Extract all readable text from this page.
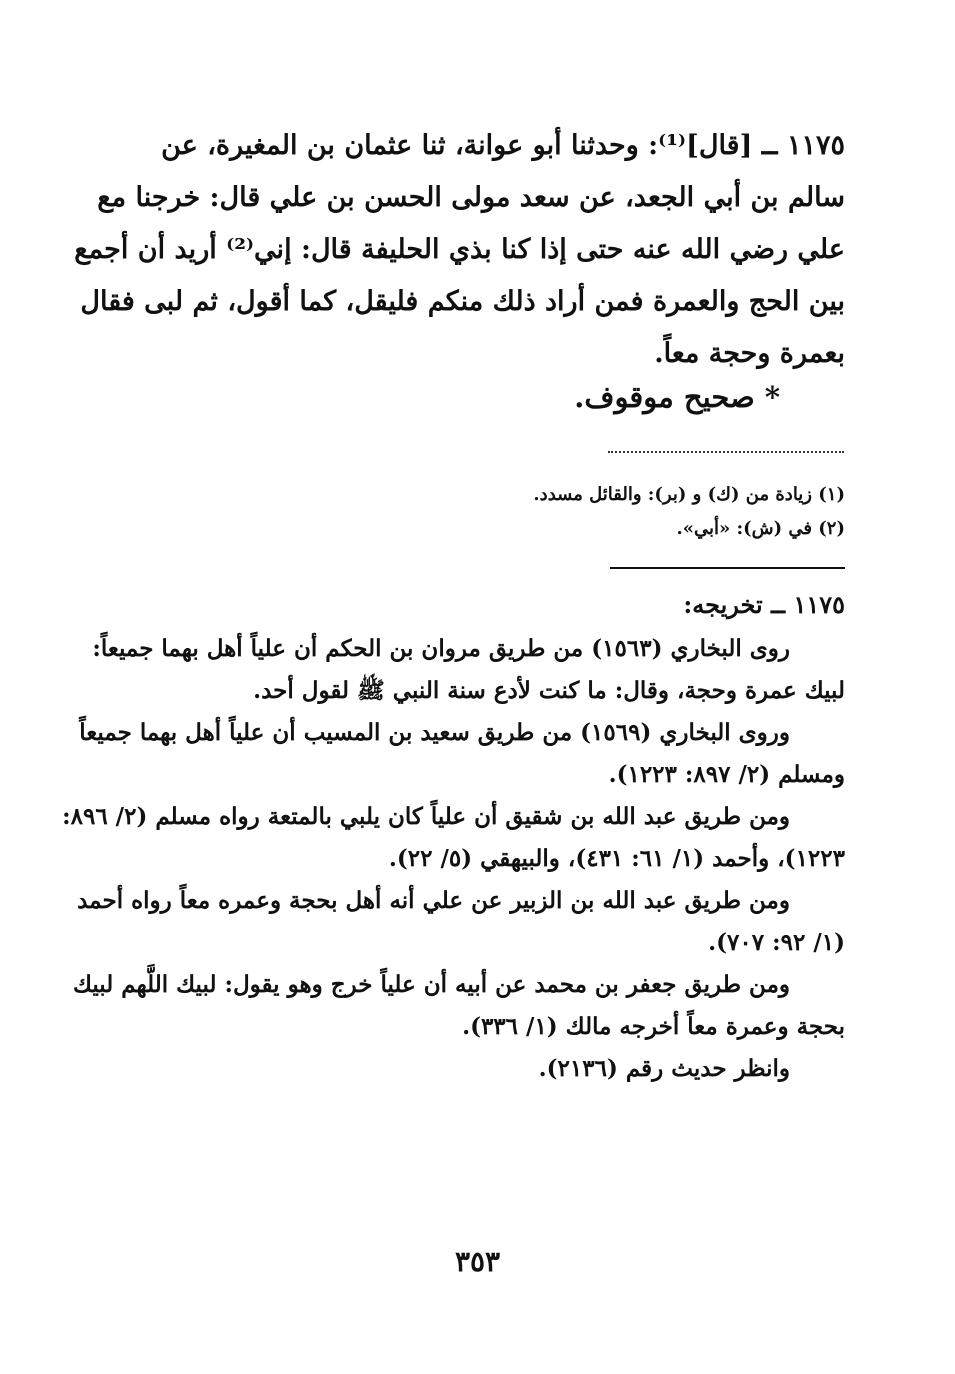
١١٧٥ ــ [قال]⁽¹⁾: وحدثنا أبو عوانة، ثنا عثمان بن المغيرة، عن
سالم بن أبي الجعد، عن سعد مولى الحسن بن علي قال: خرجنا مع
علي رضي الله عنه حتى إذا كنا بذي الحليفة قال: إني⁽²⁾ أريد أن أجمع
بين الحج والعمرة فمن أراد ذلك منكم فليقل، كما أقول، ثم لبى فقال
بعمرة وحجة معاً.
* صحيح موقوف.
(١) زيادة من (ك) و (بر): والقائل مسدد.
(٢) في (ش): «أبي».
١١٧٥ ــ تخريجه:
روى البخاري (١٥٦٣) من طريق مروان بن الحكم أن علياً أهل بهما جميعاً:
لبيك عمرة وحجة، وقال: ما كنت لأدع سنة النبي ﷺ لقول أحد.
وروى البخاري (١٥٦٩) من طريق سعيد بن المسيب أن علياً أهل بهما جميعاً
ومسلم (٢/ ٨٩٧: ١٢٢٣).
ومن طريق عبد الله بن شقيق أن علياً كان يلبي بالمتعة رواه مسلم (٢/ ٨٩٦:
١٢٢٣)، وأحمد (١/ ٦١: ٤٣١)، والبيهقي (٥/ ٢٢).
ومن طريق عبد الله بن الزبير عن علي أنه أهل بحجة وعمره معاً رواه أحمد
(١/ ٩٢: ٧٠٧).
ومن طريق جعفر بن محمد عن أبيه أن علياً خرج وهو يقول: لبيك اللَّهم لبيك
بحجة وعمرة معاً أخرجه مالك (١/ ٣٣٦).
وانظر حديث رقم (٢١٣٦).
٣٥٣
